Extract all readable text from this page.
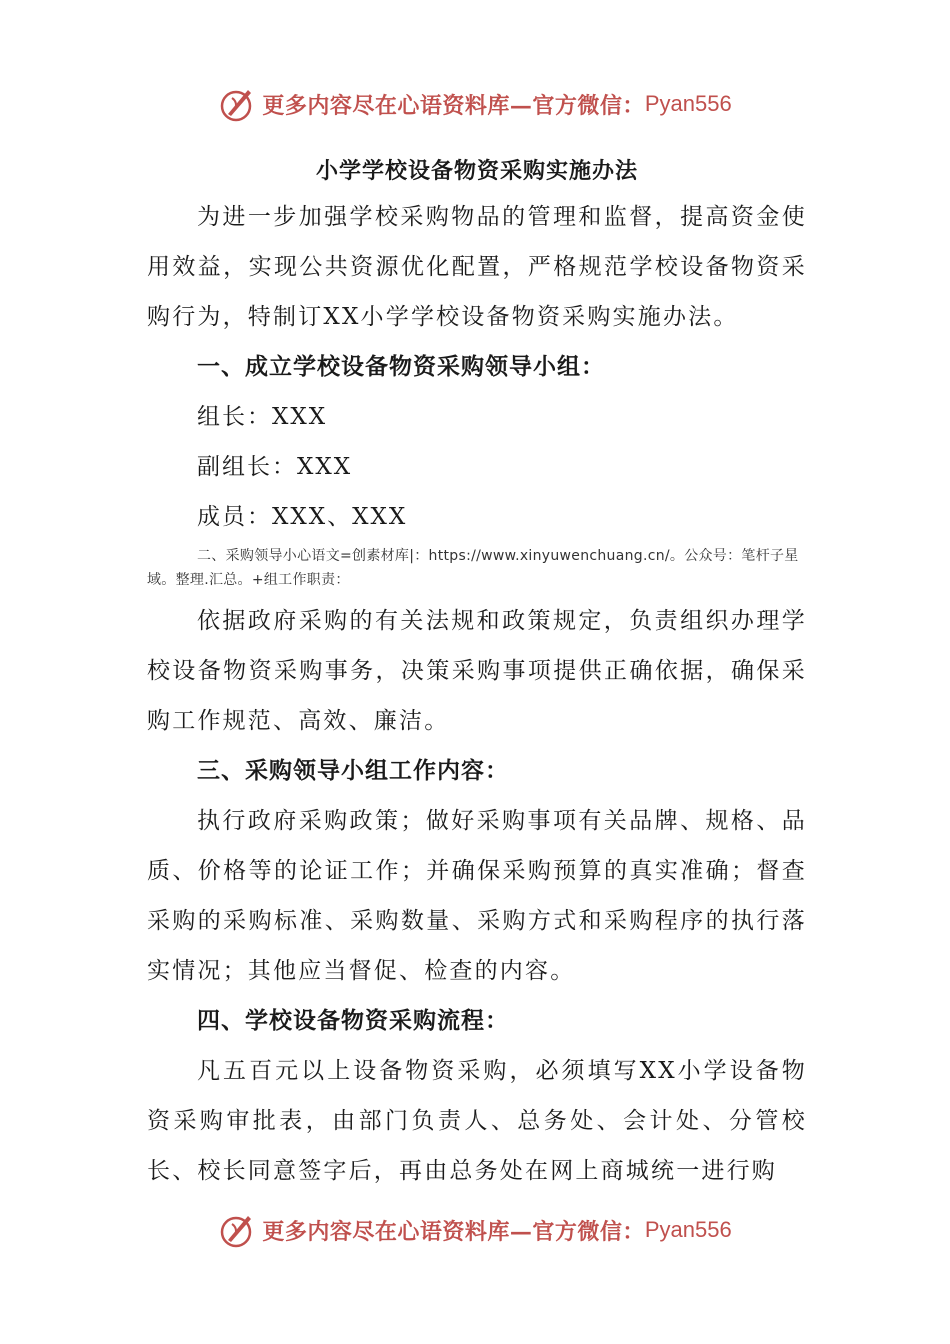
更多内容尽在心语资料库—官方微信： Pyan556
小学学校设备物资采购实施办法

为进一步加强学校采购物品的管理和监督，提高资金使用效益，实现公共资源优化配置，严格规范学校设备物资采购行为，特制订XX小学学校设备物资采购实施办法。

一、成立学校设备物资采购领导小组：

组长：XXX

副组长：XXX

成员：XXX、XXX

二、采购领导小心语文=创素材库|：https://www.xinyuwenchuang.cn/。公众号：笔杆子星域。整理.汇总。+组工作职责：

依据政府采购的有关法规和政策规定，负责组织办理学校设备物资采购事务，决策采购事项提供正确依据，确保采购工作规范、高效、廉洁。

三、采购领导小组工作内容：

执行政府采购政策；做好采购事项有关品牌、规格、品质、价格等的论证工作；并确保采购预算的真实准确；督查采购的采购标准、采购数量、采购方式和采购程序的执行落实情况；其他应当督促、检查的内容。

四、学校设备物资采购流程：

凡五百元以上设备物资采购，必须填写XX小学设备物资采购审批表，由部门负责人、总务处、会计处、分管校长、校长同意签字后，再由总务处在网上商城统一进行购

更多内容尽在心语资料库—官方微信： Pyan556
